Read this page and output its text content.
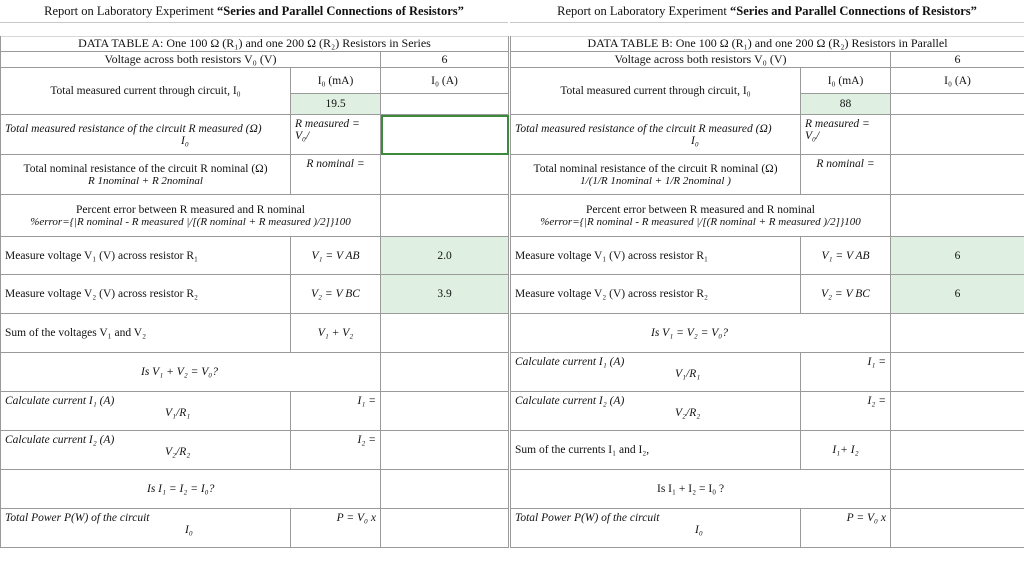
Report on Laboratory Experiment “Series and Parallel Connections of Resistors”
DATA TABLE A: One 100 Ω (R₁) and one 200 Ω (R₂) Resistors in Series		
Voltage across both resistors V₀ (V)		6
Total measured current through circuit, I₀	I₀ (mA)	I₀ (A)
	19.5	

Total measured resistance of the circuit R measured (Ω)
I₀	R measured = V₀/	

Total nominal resistance of the circuit R nominal (Ω)
R 1nominal + R 2nominal	R nominal =	

Percent error between R measured and R nominal
%error={|R nominal - R measured |/[(R nominal + R measured )/2]}100		

Measure voltage V₁ (V) across resistor R₁	V₁ = V AB	2.0
Measure voltage V₂ (V) across resistor R₂	V₂ = V BC	3.9
Sum of the voltages V₁ and V₂	V₁ + V₂	
Is V₁ + V₂ = V₀?		

Calculate current I₁ (A)
V₁/R₁	I₁ =	

Calculate current I₂ (A)
V₂/R₂	I₂ =	
Is I₁ = I₂ = I₀?		

Total Power P(W) of the circuit
I₀	P = V₀ x	
Report on Laboratory Experiment “Series and Parallel Connections of Resistors”
DATA TABLE B: One 100 Ω (R₁) and one 200 Ω (R₂) Resistors in Parallel		
Voltage across both resistors V₀ (V)		6
Total measured current through circuit, I₀	I₀ (mA)	I₀ (A)
	88	

Total measured resistance of the circuit R measured (Ω)
I₀	R measured = V₀/	

Total nominal resistance of the circuit R nominal (Ω)
1/(1/R 1nominal + 1/R 2nominal )	R nominal =	

Percent error between R measured and R nominal
%error={|R nominal - R measured |/[(R nominal + R measured )/2]}100		

Measure voltage V₁ (V) across resistor R₁	V₁ = V AB	6
Measure voltage V₂ (V) across resistor R₂	V₂ = V BC	6
Is V₁ = V₂ = V₀?		

Calculate current I₁ (A)
V₁/R₁	I₁ =	

Calculate current I₂ (A)
V₂/R₂	I₂ =	
Sum of the currents I₁ and I₂,	I₁+ I₂	
Is I₁ + I₂ = I₀ ?		

Total Power P(W) of the circuit
I₀	P = V₀ x	
